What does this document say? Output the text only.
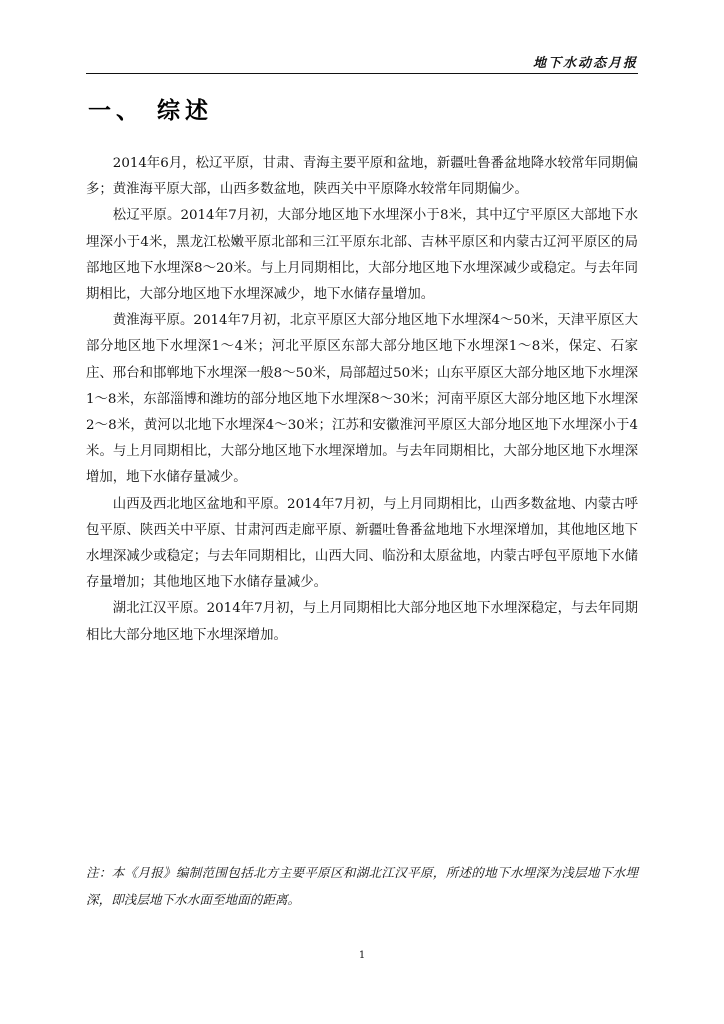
地下水动态月报
一、 综述

2014年6月，松辽平原，甘肃、青海主要平原和盆地，新疆吐鲁番盆地降水较常年同期偏多；黄淮海平原大部，山西多数盆地，陕西关中平原降水较常年同期偏少。

松辽平原。2014年7月初，大部分地区地下水埋深小于8米，其中辽宁平原区大部地下水埋深小于4米，黑龙江松嫩平原北部和三江平原东北部、吉林平原区和内蒙古辽河平原区的局部地区地下水埋深8～20米。与上月同期相比，大部分地区地下水埋深减少或稳定。与去年同期相比，大部分地区地下水埋深减少，地下水储存量增加。

黄淮海平原。2014年7月初，北京平原区大部分地区地下水埋深4～50米，天津平原区大部分地区地下水埋深1～4米；河北平原区东部大部分地区地下水埋深1～8米，保定、石家庄、邢台和邯郸地下水埋深一般8～50米，局部超过50米；山东平原区大部分地区地下水埋深1～8米，东部淄博和潍坊的部分地区地下水埋深8～30米；河南平原区大部分地区地下水埋深2～8米，黄河以北地下水埋深4～30米；江苏和安徽淮河平原区大部分地区地下水埋深小于4米。与上月同期相比，大部分地区地下水埋深增加。与去年同期相比，大部分地区地下水埋深增加，地下水储存量减少。

山西及西北地区盆地和平原。2014年7月初，与上月同期相比，山西多数盆地、内蒙古呼包平原、陕西关中平原、甘肃河西走廊平原、新疆吐鲁番盆地地下水埋深增加，其他地区地下水埋深减少或稳定；与去年同期相比，山西大同、临汾和太原盆地，内蒙古呼包平原地下水储存量增加；其他地区地下水储存量减少。

湖北江汉平原。2014年7月初，与上月同期相比大部分地区地下水埋深稳定，与去年同期相比大部分地区地下水埋深增加。

注：本《月报》编制范围包括北方主要平原区和湖北江汉平原，所述的地下水埋深为浅层地下水埋深，即浅层地下水水面至地面的距离。
1
